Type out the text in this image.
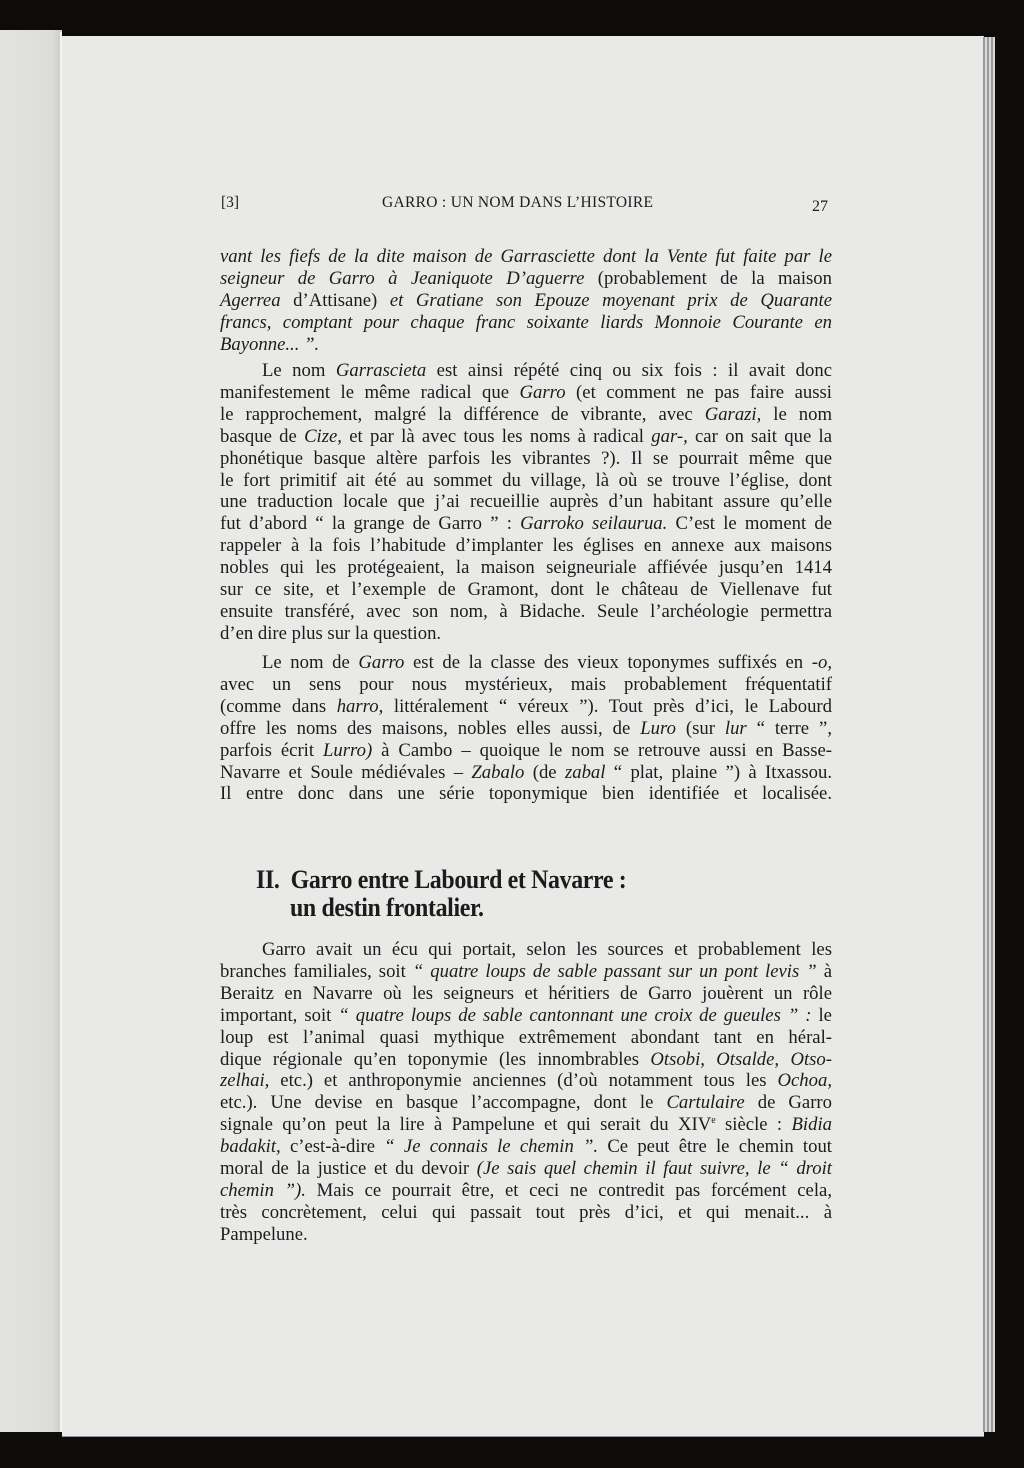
[3]	GARRO : UN NOM DANS L’HISTOIRE	27
vant les fiefs de la dite maison de Garrasciette dont la Vente fut faite par le
seigneur de Garro à Jeaniquote D’aguerre (probablement de la maison
Agerrea d’Attisane) et Gratiane son Epouze moyenant prix de Quarante
francs, comptant pour chaque franc soixante liards Monnoie Courante en
Bayonne... ”.
Le nom Garrascieta est ainsi répété cinq ou six fois : il avait donc
manifestement le même radical que Garro (et comment ne pas faire aussi
le rapprochement, malgré la différence de vibrante, avec Garazi, le nom
basque de Cize, et par là avec tous les noms à radical gar-, car on sait que la
phonétique basque altère parfois les vibrantes ?). Il se pourrait même que
le fort primitif ait été au sommet du village, là où se trouve l’église, dont
une traduction locale que j’ai recueillie auprès d’un habitant assure qu’elle
fut d’abord “ la grange de Garro ” : Garroko seilaurua. C’est le moment de
rappeler à la fois l’habitude d’implanter les églises en annexe aux maisons
nobles qui les protégeaient, la maison seigneuriale affiévée jusqu’en 1414
sur ce site, et l’exemple de Gramont, dont le château de Viellenave fut
ensuite transféré, avec son nom, à Bidache. Seule l’archéologie permettra
d’en dire plus sur la question.
Le nom de Garro est de la classe des vieux toponymes suffixés en -o,
avec un sens pour nous mystérieux, mais probablement fréquentatif
(comme dans harro, littéralement “ véreux ”). Tout près d’ici, le Labourd
offre les noms des maisons, nobles elles aussi, de Luro (sur lur “ terre ”,
parfois écrit Lurro) à Cambo – quoique le nom se retrouve aussi en Basse-
Navarre et Soule médiévales – Zabalo (de zabal “ plat, plaine ”) à Itxassou.
Il entre donc dans une série toponymique bien identifiée et localisée.
II. Garro entre Labourd et Navarre :
un destin frontalier.
Garro avait un écu qui portait, selon les sources et probablement les
branches familiales, soit “ quatre loups de sable passant sur un pont levis ” à
Beraitz en Navarre où les seigneurs et héritiers de Garro jouèrent un rôle
important, soit “ quatre loups de sable cantonnant une croix de gueules ” : le
loup est l’animal quasi mythique extrêmement abondant tant en héral-
dique régionale qu’en toponymie (les innombrables Otsobi, Otsalde, Otso-
zelhai, etc.) et anthroponymie anciennes (d’où notamment tous les Ochoa,
etc.). Une devise en basque l’accompagne, dont le Cartulaire de Garro
signale qu’on peut la lire à Pampelune et qui serait du XIVe siècle : Bidia
badakit, c’est-à-dire “ Je connais le chemin ”. Ce peut être le chemin tout
moral de la justice et du devoir (Je sais quel chemin il faut suivre, le “ droit
chemin ”). Mais ce pourrait être, et ceci ne contredit pas forcément cela,
très concrètement, celui qui passait tout près d’ici, et qui menait... à
Pampelune.
